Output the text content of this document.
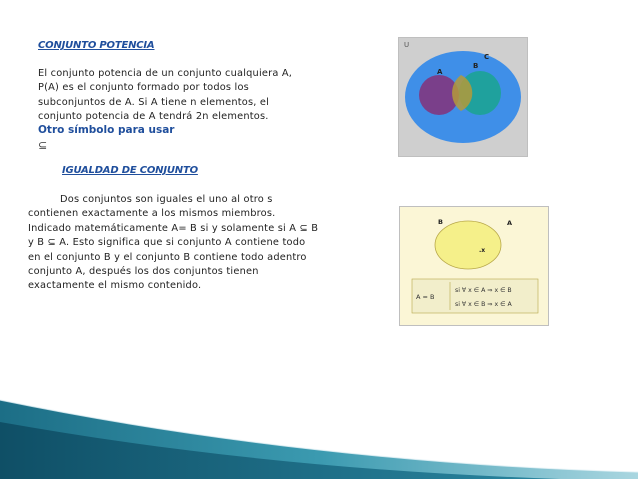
CONJUNTO POTENCIA
El conjunto potencia de un conjunto cualquiera A,
P(A) es el conjunto formado por todos los
subconjuntos de A. Si A tiene n elementos, el
conjunto potencia de A tendrá 2n elementos.
Otro símbolo para usar
⊆
IGUALDAD DE CONJUNTO
Dos conjuntos son iguales el uno al otro s
contienen exactamente a los mismos miembros.
Indicado matemáticamente A= B si y solamente si A ⊆ B
y B ⊆ A. Esto significa que si conjunto A contiene todo
en el conjunto B y el conjunto B contiene todo adentro
conjunto A, después los dos conjuntos tienen
exactamente el mismo contenido.
U
A
B
C
B	A
.x
A = B
si ∀ x ∈ A ⇒ x ∈ B
si ∀ x ∈ B ⇒ x ∈ A
